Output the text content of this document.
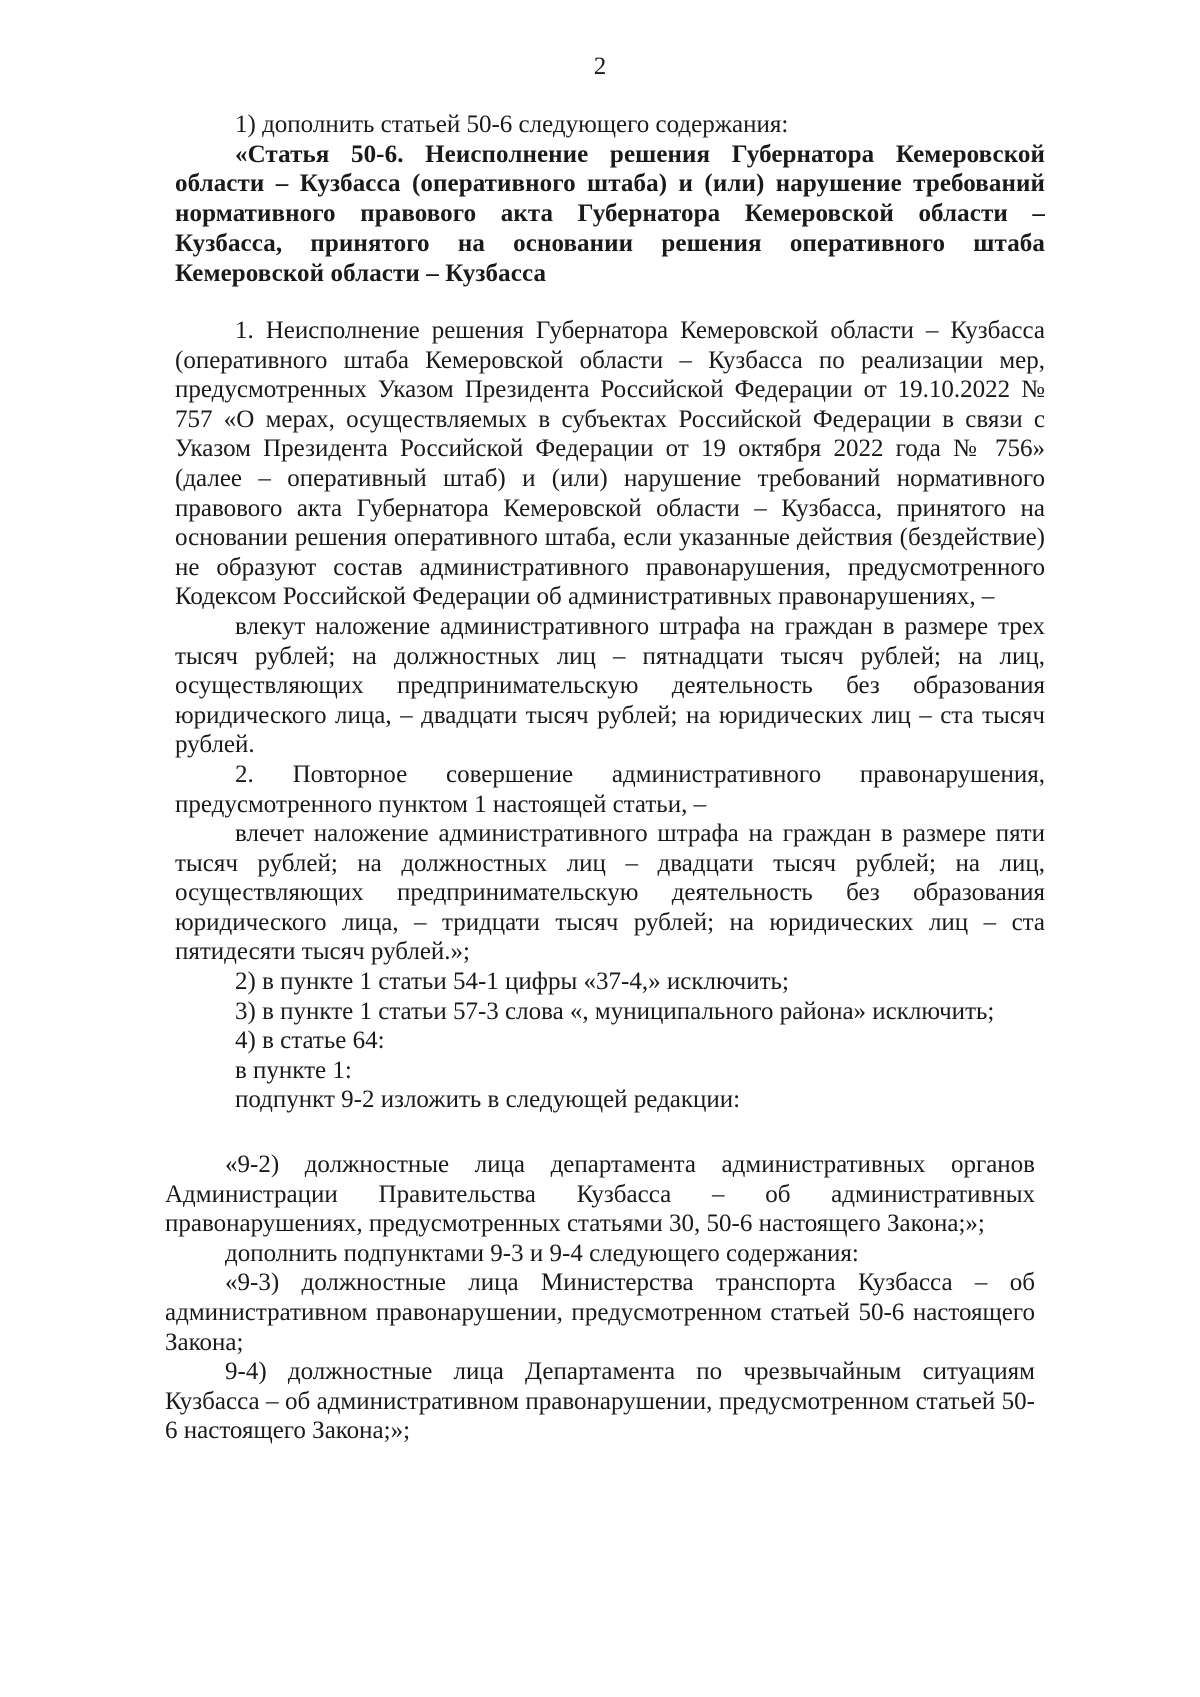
2

1) дополнить статьей 50-6 следующего содержания:

«Статья 50-6. Неисполнение решения Губернатора Кемеровской области – Кузбасса (оперативного штаба) и (или) нарушение требований нормативного правового акта Губернатора Кемеровской области – Кузбасса, принятого на основании решения оперативного штаба Кемеровской области – Кузбасса

1. Неисполнение решения Губернатора Кемеровской области – Кузбасса (оперативного штаба Кемеровской области – Кузбасса по реализации мер, предусмотренных Указом Президента Российской Федерации от 19.10.2022 № 757 «О мерах, осуществляемых в субъектах Российской Федерации в связи с Указом Президента Российской Федерации от 19 октября 2022 года № 756» (далее – оперативный штаб) и (или) нарушение требований нормативного правового акта Губернатора Кемеровской области – Кузбасса, принятого на основании решения оперативного штаба, если указанные действия (бездействие) не образуют состав административного правонарушения, предусмотренного Кодексом Российской Федерации об административных правонарушениях, –

влекут наложение административного штрафа на граждан в размере трех тысяч рублей; на должностных лиц – пятнадцати тысяч рублей; на лиц, осуществляющих предпринимательскую деятельность без образования юридического лица, – двадцати тысяч рублей; на юридических лиц – ста тысяч рублей.

2. Повторное совершение административного правонарушения, предусмотренного пунктом 1 настоящей статьи, –

влечет наложение административного штрафа на граждан в размере пяти тысяч рублей; на должностных лиц – двадцати тысяч рублей; на лиц, осуществляющих предпринимательскую деятельность без образования юридического лица, – тридцати тысяч рублей; на юридических лиц – ста пятидесяти тысяч рублей.»;

2) в пункте 1 статьи 54-1 цифры «37-4,» исключить;

3) в пункте 1 статьи 57-3 слова «, муниципального района» исключить;

4) в статье 64:

в пункте 1:

подпункт 9-2 изложить в следующей редакции:

«9-2) должностные лица департамента административных органов Администрации Правительства Кузбасса – об административных правонарушениях, предусмотренных статьями 30, 50-6 настоящего Закона;»;

дополнить подпунктами 9-3 и 9-4 следующего содержания:

«9-3) должностные лица Министерства транспорта Кузбасса – об административном правонарушении, предусмотренном статьей 50-6 настоящего Закона;

9-4) должностные лица Департамента по чрезвычайным ситуациям Кузбасса – об административном правонарушении, предусмотренном статьей 50-6 настоящего Закона;»;
